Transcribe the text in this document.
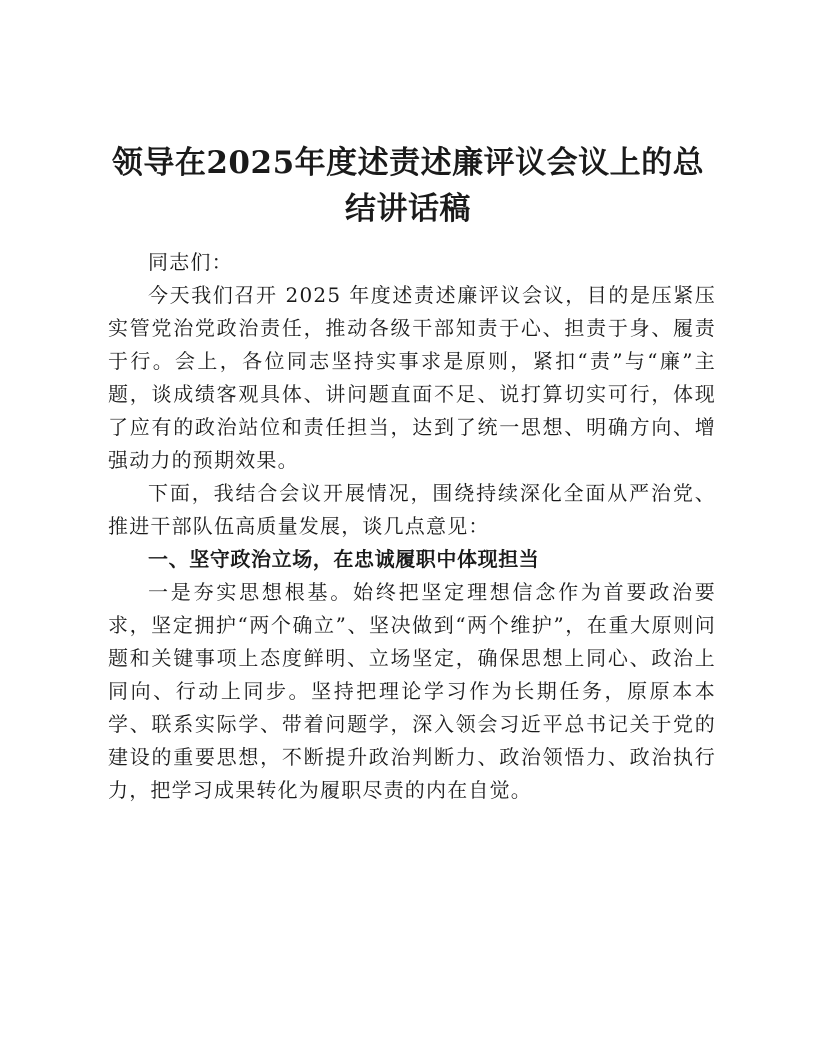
领导在2025年度述责述廉评议会议上的总结讲话稿

同志们：

今天我们召开 2025 年度述责述廉评议会议，目的是压紧压实管党治党政治责任，推动各级干部知责于心、担责于身、履责于行。会上，各位同志坚持实事求是原则，紧扣“责”与“廉”主题，谈成绩客观具体、讲问题直面不足、说打算切实可行，体现了应有的政治站位和责任担当，达到了统一思想、明确方向、增强动力的预期效果。

下面，我结合会议开展情况，围绕持续深化全面从严治党、推进干部队伍高质量发展，谈几点意见：

一、坚守政治立场，在忠诚履职中体现担当

一是夯实思想根基。始终把坚定理想信念作为首要政治要求，坚定拥护“两个确立”、坚决做到“两个维护”，在重大原则问题和关键事项上态度鲜明、立场坚定，确保思想上同心、政治上同向、行动上同步。坚持把理论学习作为长期任务，原原本本学、联系实际学、带着问题学，深入领会习近平总书记关于党的建设的重要思想，不断提升政治判断力、政治领悟力、政治执行力，把学习成果转化为履职尽责的内在自觉。
